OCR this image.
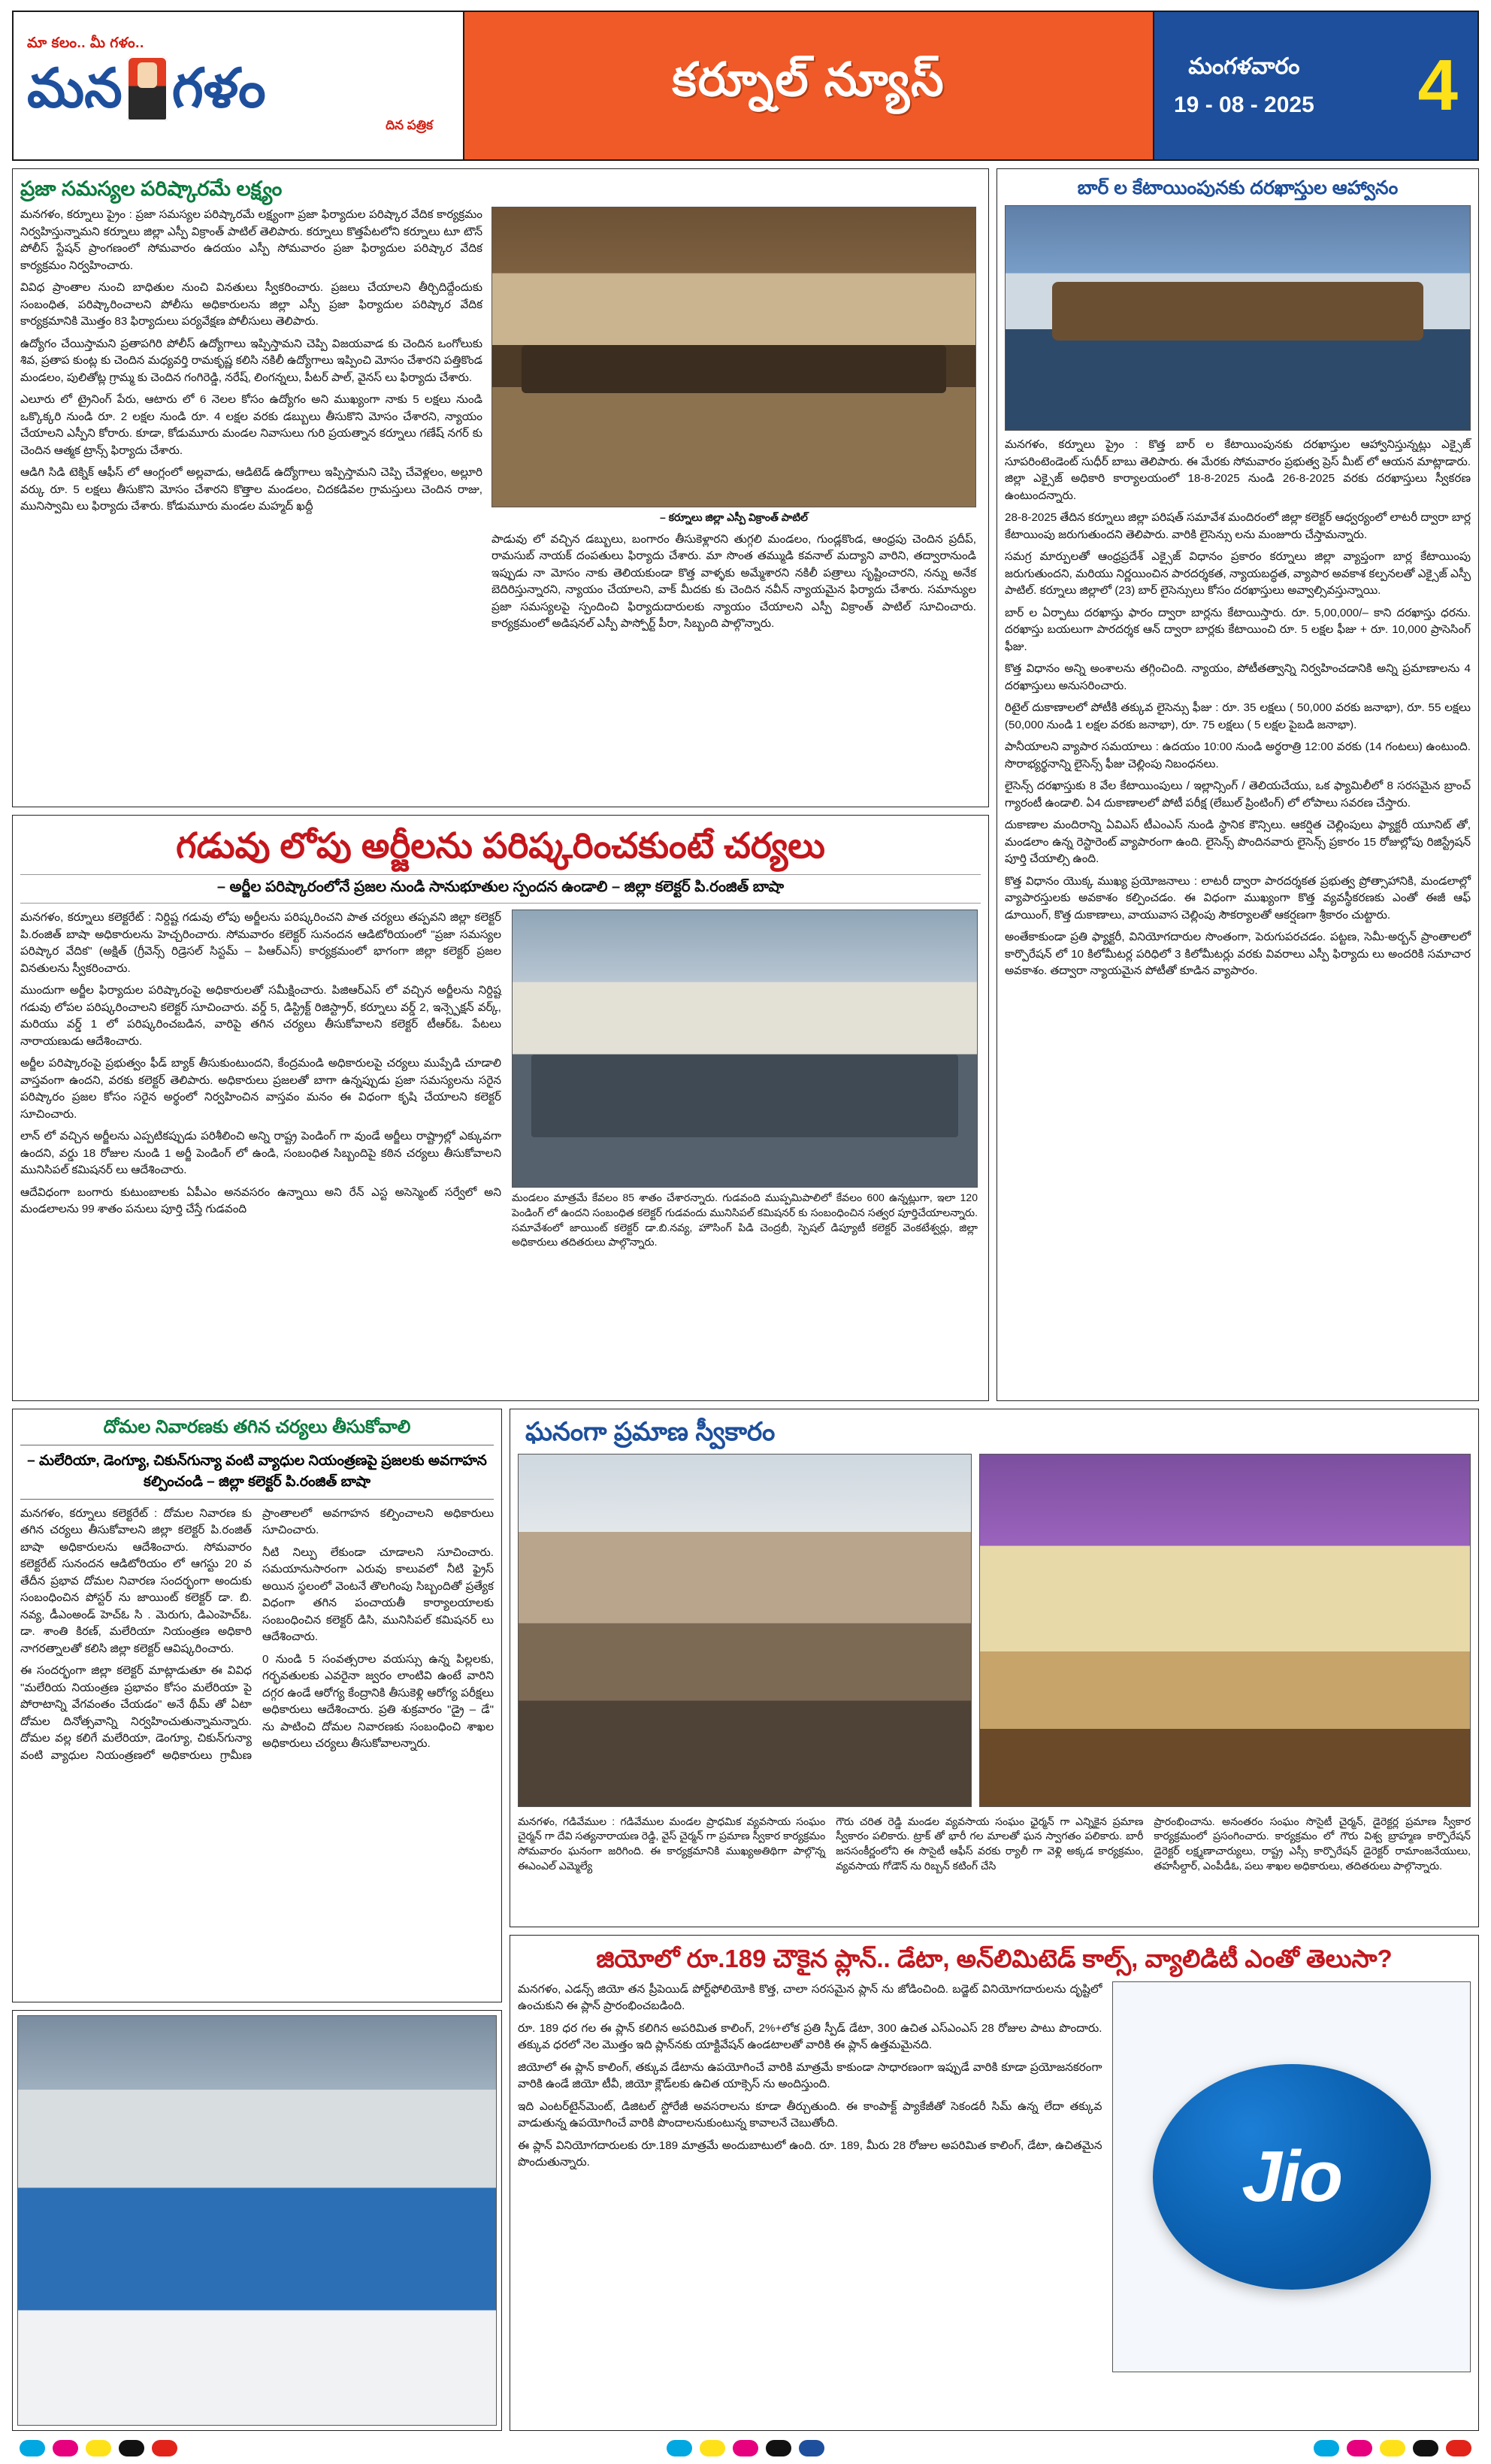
మా కలం.. మీ గళం..
మన గళం
దిన పత్రిక
కర్నూల్ న్యూస్	మంగళవారం
19 - 08 - 2025 4
ప్రజా సమస్యల పరిష్కారమే లక్ష్యం

మనగళం, కర్నూలు ప్రైం : ప్రజా సమస్యల పరిష్కారమే లక్ష్యంగా ప్రజా ఫిర్యాదుల పరిష్కార వేదిక కార్యక్రమం నిర్వహిస్తున్నామని కర్నూలు జిల్లా ఎస్పీ విక్రాంత్ పాటిల్ తెలిపారు. కర్నూలు కొత్తపేటలోని కర్నూలు టూ టౌన్ పోలీస్ స్టేషన్ ప్రాంగణంలో సోమవారం ఉదయం ఎస్పీ సోమవారం ప్రజా ఫిర్యాదుల పరిష్కార వేదిక కార్యక్రమం నిర్వహించారు.

వివిధ ప్రాంతాల నుంచి బాధితుల నుంచి వినతులు స్వీకరించారు. ప్రజలు చేయాలని తీర్చిదిద్దేందుకు సంబంధిత, పరిష్కారించాలని పోలీసు అధికారులను జిల్లా ఎస్పీ ప్రజా ఫిర్యాదుల పరిష్కార వేదిక కార్యక్రమానికి మొత్తం 83 ఫిర్యాదులు పర్యవేక్షణ పోలీసులు తెలిపారు.

ఉద్యోగం చేయిస్తామని ప్రతాపగిరి పోలీస్ ఉద్యోగాలు ఇప్పిస్తామని చెప్పి విజయవాడ కు చెందిన ఒంగోలుకు శివ, ప్రతాప కుంట్ల కు చెందిన మధ్యవర్తి రామకృష్ణ కలిసి నకిలీ ఉద్యోగాలు ఇప్పించి మోసం చేశారని పత్తికొండ మండలం, పులితోట్ల గ్రామ్మ కు చెందిన గంగిరెడ్డి, నరేష్, లింగన్నలు, పీటర్ పాల్, వైనస్ లు ఫిర్యాదు చేశారు.

ఎలూరు లో ట్రైనింగ్ పేరు, ఆటారు లో 6 నెలల కోసం ఉద్యోగం అని ముఖ్యంగా నాకు 5 లక్షలు నుండి ఒక్కొక్కరి నుండి రూ. 2 లక్షల నుండి రూ. 4 లక్షల వరకు డబ్బులు తీసుకొని మోసం చేశారని, న్యాయం చేయాలని ఎస్పీని కోరారు. కూడా, కోడుమూరు మండల నివాసులు గురి ప్రయత్నాన కర్నూలు గణేష్ నగర్ కు చెందిన ఆత్మక ట్రాన్స్ ఫిర్యాదు చేశారు.

ఆడిగి సిడి టెక్నిక్ ఆఫీస్ లో ఆంగ్లంలో అల్లవాడు, ఆడిటెడ్ ఉద్యోగాలు ఇప్పిస్తామని చెప్పి చేవెళ్లలం, అల్లూరి వర్కు రూ. 5 లక్షలు తీసుకొని మోసం చేశారని కొత్తాల మండలం, చిదకడివల గ్రామస్తులు చెందిన రాజు, మునిస్వామి లు ఫిర్యాదు చేశారు. కోడుమూరు మండల మహ్మద్ ఖద్దీ

– కర్నూలు జిల్లా ఎస్పీ విక్రాంత్ పాటిల్

పాడువు లో వచ్చిన డబ్బులు, బంగారం తీసుకెళ్లారని తుగ్గలి మండలం, గుండ్లకొండ, ఆంధ్రపు చెందిన ప్రదీప్, రామసుబ్ నాయక్ దంపతులు ఫిర్యాదు చేశారు. మా సొంత తమ్ముడి కవనాల్ మద్యాని వారిని, తద్వారానుండి ఇప్పుడు నా మోసం నాకు తెలియకుండా కొత్త వాళ్ళకు అమ్మేశారని నకిలీ పత్రాలు సృష్టించారని, నన్ను అనేక బెదిరిస్తున్నారని, న్యాయం చేయాలని, వాక్ మీదకు కు చెందిన నవీన్ న్యాయమైన ఫిర్యాదు చేశారు. సమాన్యుల ప్రజా సమస్యలపై స్పందించి ఫిర్యాదుదారులకు న్యాయం చేయాలని ఎస్పీ విక్రాంత్ పాటిల్ సూచించారు. కార్యక్రమంలో అడిషనల్ ఎస్పీ పాస్పోర్ట్ పీరా, సిబ్బంది పాల్గొన్నారు.

గడువు లోపు అర్జీలను పరిష్కరించకుంటే చర్యలు
– అర్జీల పరిష్కారంలోనే ప్రజల నుండి సానుభూతుల స్పందన ఉండాలి – జిల్లా కలెక్టర్ పి.రంజిత్ బాషా

మనగళం, కర్నూలు కలెక్టరేట్ : నిర్దిష్ట గడువు లోపు అర్జీలను పరిష్కరించని పాత చర్యలు తప్పవని జిల్లా కలెక్టర్ పి.రంజిత్ బాషా అధికారులను హెచ్చరించారు. సోమవారం కలెక్టర్ సునందన ఆడిటోరియంలో "ప్రజా సమస్యల పరిష్కార వేదిక" (అక్షిత్ (గ్రీవెన్స్ రిడ్రెసల్ సిస్టమ్ – పిఆర్ఎస్) కార్యక్రమంలో భాగంగా జిల్లా కలెక్టర్ ప్రజల వినతులను స్వీకరించారు.

ముందుగా అర్జీల ఫిర్యాదుల పరిష్కారంపై అధికారులతో సమీక్షించారు. పిజిఆర్ఎస్ లో వచ్చిన అర్జీలను నిర్దిష్ట గడువు లోపల పరిష్కరించాలని కలెక్టర్ సూచించారు. వర్డ్ 5, డిస్ట్రిక్ట్ రిజిస్ట్రార్, కర్నూలు వర్డ్ 2, ఇన్స్పెక్షన్ వర్క్, మరియు వర్డ్ 1 లో పరిష్కరించబడిన, వారిపై తగిన చర్యలు తీసుకోవాలని కలెక్టర్ టీఆర్ఓ. పేటలు నారాయణుడు ఆదేశించారు.

అర్జీల పరిష్కారంపై ప్రభుత్వం ఫీడ్ బ్యాక్ తీసుకుంటుందని, కేంద్రమండి అధికారులపై చర్యలు ముప్పేడి చూడాలి వాస్తవంగా ఉందని, వరకు కలెక్టర్ తెలిపారు. అధికారులు ప్రజలతో బాగా ఉన్నప్పుడు ప్రజా సమస్యలను సరైన పరిష్కారం ప్రజల కోసం సరైన అర్థంలో నిర్వహించిన వాస్తవం మనం ఈ విధంగా కృషి చేయాలని కలెక్టర్ సూచించారు.

లాన్ లో వచ్చిన అర్జీలను ఎప్పటికప్పుడు పరిశీలించి అన్ని రాష్ట్ర పెండింగ్ గా వుండే అర్జీలు రాష్ట్రాల్లో ఎక్కువగా ఉందని, వర్డు 18 రోజుల నుండి 1 అర్జీ పెండింగ్ లో ఉండి, సంబంధిత సిబ్బందిపై కఠిన చర్యలు తీసుకోవాలని మునిసిపల్ కమిషనర్ లు ఆదేశించారు.

ఆదేవిధంగా బంగారు కుటుంబాలకు ఏపీఎం అనవసరం ఉన్నాయి అని రేన్ ఎస్ట అసెస్మెంట్ సర్వేలో అని మండలాలను 99 శాతం పనులు పూర్తి చేస్తే గుడవంది

మండలం మాత్రమే కేవలం 85 శాతం చేశారన్నారు. గుడవంది ముప్పమిపాలిలో కేవలం 600 ఉన్నట్లుగా, ఇలా 120 పెండింగ్ లో ఉందని సంబంధిత కలెక్టర్ గుడవందు మునిసిపల్ కమిషనర్ కు సంబంధించిన సత్వర పూర్తిచేయాలన్నారు. సమావేశంలో జాయింట్ కలెక్టర్ డా.బి.నవ్య, హౌసింగ్ పిడి చెంద్రబీ, స్పెషల్ డిప్యూటీ కలెక్టర్ వెంకటేశ్వర్లు, జిల్లా అధికారులు తదితరులు పాల్గొన్నారు.
బార్ ల కేటాయింపునకు దరఖాస్తుల ఆహ్వానం

మనగళం, కర్నూలు ప్రైం : కొత్త బార్ ల కేటాయింపునకు దరఖాస్తుల ఆహ్వానిస్తున్నట్లు ఎక్సైజ్ సూపరింటెండెంట్ సుధీర్ బాబు తెలిపారు. ఈ మేరకు సోమవారం ప్రభుత్వ ప్రెస్ మీట్ లో ఆయన మాట్లాడారు. జిల్లా ఎక్సైజ్ అధికారి కార్యాలయంలో 18-8-2025 నుండి 26-8-2025 వరకు దరఖాస్తులు స్వీకరణ ఉంటుందన్నారు.

28-8-2025 తేదిన కర్నూలు జిల్లా పరిషత్ సమావేశ మందిరంలో జిల్లా కలెక్టర్ ఆధ్వర్యంలో లాటరీ ద్వారా బార్ల కేటాయింపు జరుగుతుందని తెలిపారు. వారికి లైసెన్సు లను మంజూరు చేస్తామన్నారు.

సమగ్ర మార్పులతో ఆంధ్రప్రదేశ్ ఎక్సైజ్ విధానం ప్రకారం కర్నూలు జిల్లా వ్యాప్తంగా బార్ల కేటాయింపు జరుగుతుందని, మరియు నిర్ణయించిన పారదర్శకత, న్యాయబద్ధత, వ్యాపార అవకాశ కల్పనలతో ఎక్సైజ్ ఎస్పీ పాటిల్. కర్నూలు జిల్లాలో (23) బార్ లైసెన్సులు కోసం దరఖాస్తులు అవ్వాల్సివస్తున్నాయి.

బార్ ల ఏర్పాటు దరఖాస్తు ఫారం ద్వారా బార్లను కేటాయిస్తారు. రూ. 5,00,000/– కాని దరఖాస్తు ధరను. దరఖాస్తు బయలుగా పారదర్శక ఆన్ ద్వారా బార్లకు కేటాయించి రూ. 5 లక్షల ఫీజు + రూ. 10,000 ప్రాసెసింగ్ ఫీజు.

కొత్త విధానం అన్ని అంశాలను తగ్గించింది. న్యాయం, పోటీతత్వాన్ని నిర్వహించడానికి అన్ని ప్రమాణాలను 4 దరఖాస్తులు అనుసరించారు.

రిటైల్ దుకాణాలలో పోటీకి తక్కువ లైసెన్సు ఫీజు : రూ. 35 లక్షలు ( 50,000 వరకు జనాభా), రూ. 55 లక్షలు (50,000 నుండి 1 లక్షల వరకు జనాభా), రూ. 75 లక్షలు ( 5 లక్షల పైబడి జనాభా).

పానీయాలని వ్యాపార సమయాలు : ఉదయం 10:00 నుండి అర్థరాత్రి 12:00 వరకు (14 గంటలు) ఉంటుంది. సొరాభ్యర్థనాన్ని లైసెన్స్ ఫీజు చెల్లింపు నిబంధనలు.

లైసెన్స్ దరఖాస్తుకు 8 వేల కేటాయింపులు / ఇల్లాన్సింగ్ / తెలియచేయు, ఒక ఫ్యామిలీలో 8 సరసమైన బ్రాంచ్ గ్యారంటీ ఉండాలి. ఏ4 దుకాణాలలో పోటీ పరీక్ష (లేబుల్ ప్రింటింగ్) లో లోపాలు సవరణ చేస్తారు.

దుకాణాల మందిరాన్ని ఏవిఎస్ టీఎంఎస్ నుండి స్థానిక కౌన్సిలు. ఆకర్షిత చెల్లింపులు ఫ్యాక్టరీ యూనిట్ తో, మండలాం ఉన్న రెస్టారెంట్ వ్యాపారంగా ఉంది. లైసెన్స్ పొందినవారు లైసెన్స్ ప్రకారం 15 రోజుల్లోపు రిజిస్ట్రేషన్ పూర్తి చేయాల్సి ఉంది.

కొత్త విధానం యొక్క ముఖ్య ప్రయోజనాలు : లాటరీ ద్వారా పారదర్శకత ప్రభుత్వ ప్రోత్సాహానికి, మండలాల్లో వ్యాపారస్తులకు అవకాశం కల్పించడం. ఈ విధంగా ముఖ్యంగా కొత్త వ్యవస్థీకరణకు ఎంతో ఈజీ ఆఫ్ డూయింగ్, కొత్త దుకాణాలు, వాయువాస చెల్లింపు సౌకర్యాలతో ఆకర్షణగా శ్రీకారం చుట్టారు.

అంతేకాకుండా ప్రతి ఫ్యాక్టరీ, వినియోగదారుల సొంతంగా, పెరుగుపరచడం. పట్టణ, సెమీ-అర్బన్ ప్రాంతాలలో కార్పొరేషన్ లో 10 కిలోమీటర్ల పరిధిలో 3 కిలోమీటర్లు వరకు వివరాలు ఎస్పీ ఫిర్యాదు లు అందరికి సమాచార అవకాశం. తద్వారా న్యాయమైన పోటీతో కూడిన వ్యాపారం.

దోమల నివారణకు తగిన చర్యలు తీసుకోవాలి
– మలేరియా, డెంగ్యూ, చికున్‌గున్యా వంటి వ్యాధుల నియంత్రణపై ప్రజలకు అవగాహన కల్పించండి – జిల్లా కలెక్టర్ పి.రంజిత్ బాషా

మనగళం, కర్నూలు కలెక్టరేట్ : దోమల నివారణ కు తగిన చర్యలు తీసుకోవాలని జిల్లా కలెక్టర్ పి.రంజిత్ బాషా అధికారులను ఆదేశించారు. సోమవారం కలెక్టరేట్ సునందన ఆడిటోరియం లో ఆగస్టు 20 వ తేదీన ప్రభావ దోమల నివారణ సందర్భంగా అందుకు సంబంధించిన పోస్టర్ ను జాయింట్ కలెక్టర్ డా. బి. నవ్య, డీఎంఅండ్ హెచ్ఓ సి . మెరుగు, డిఎంహెచ్ఓ. డా. శాంతి కిరణ్, మలేరియా నియంత్రణ అధికారి నాగరత్నాలతో కలిసి జిల్లా కలెక్టర్ ఆవిష్కరించారు.

ఈ సందర్భంగా జిల్లా కలెక్టర్ మాట్లాడుతూ ఈ వివిధ "మలేరియ నియంత్రణ ప్రభావం కోసం మలేరియా పై పోరాటాన్ని వేగవంతం చేయడం" అనే థీమ్ తో ఏటా దోమల దినోత్సవాన్ని నిర్వహించుతున్నామన్నారు. దోమల వల్ల కలిగే మలేరియా, డెంగ్యూ, చికున్‌గున్యా వంటి వ్యాధుల నియంత్రణలో అధికారులు గ్రామీణ ప్రాంతాలలో అవగాహన కల్పించాలని అధికారులు సూచించారు.

నీటి నిల్పు లేకుండా చూడాలని సూచించారు. సమయానుసారంగా ఎరువు కాలువలో నీటి ఫ్రైస్ అయిన స్థలంలో వెంటనే తొలగింపు సిబ్బందితో ప్రత్యేక విధంగా తగిన పంచాయతీ కార్యాలయాలకు సంబంధించిన కలెక్టర్ డిసి, మునిసిపల్ కమిషనర్ లు ఆదేశించారు.

0 నుండి 5 సంవత్సరాల వయస్సు ఉన్న పిల్లలకు, గర్భవతులకు ఎవరైనా జ్వరం లాంటివి ఉంటే వారిని దగ్గర ఉండే ఆరోగ్య కేంద్రానికి తీసుకెళ్లి ఆరోగ్య పరీక్షలు అధికారులు ఆదేశించారు. ప్రతి శుక్రవారం "డ్రై – డే" ను పాటించి దోమల నివారణకు సంబంధించి శాఖల అధికారులు చర్యలు తీసుకోవాలన్నారు.

ఘనంగా ప్రమాణ స్వీకారం
మనగళం, గడివేముల : గడివేముల మండల ప్రాధమిక వ్యవసాయ సంఘం చైర్మన్ గా దేవి సత్యనారాయణ రెడ్డి, వైస్ చైర్మన్ గా ప్రమాణ స్వీకార కార్యక్రమం సోమవారం ఘనంగా జరిగింది. ఈ కార్యక్రమానికి ముఖ్యఅతిథిగా పాల్గొన్న ఈఎంఎల్ ఎమ్మెల్యే
గౌరు చరిత రెడ్డి మండల వ్యవసాయ సంఘం ఛైర్మన్ గా ఎన్నికైన ప్రమాణ స్వీకారం పలికారు. ట్రాక్ తో భారీ గల మాలతో ఘన స్వాగతం పలికారు. బారీ జనసంకీర్ణంలోని ఈ సొసైటీ ఆఫీస్ వరకు ర్యాలీ గా వెళ్లి అక్కడ కార్యక్రమం, వ్యవసాయ గోడౌన్ ను రిబ్బన్ కటింగ్ చేసి
ప్రారంభించాను. అనంతరం సంఘం సొసైటీ చైర్మన్, డైరెక్టర్ల ప్రమాణ స్వీకార కార్యక్రమంలో ప్రసంగించారు. కార్యక్రమం లో గౌరు విశ్వ బ్రాహ్మణ కార్పొరేషన్ డైరెక్టర్ లక్ష్మణాచార్యులు, రాష్ట్ర ఎస్సీ కార్పొరేషన్ డైరెక్టర్ రామాంజనేయులు, తహసీల్దార్, ఎంపీడీఓ, పలు శాఖల అధికారులు, తదితరులు పాల్గొన్నారు.
జియోలో రూ.189 చౌకైన ప్లాన్.. డేటా, అన్‌లిమిటెడ్ కాల్స్, వ్యాలిడిటీ ఎంతో తెలుసా?

మనగళం, ఎడన్స్ జియో తన ప్రీపెయిడ్ పోర్ట్‌ఫోలియోకి కొత్త, చాలా సరసమైన ప్లాన్ ను జోడించింది. బడ్జెట్ వినియోగదారులను దృష్టిలో ఉంచుకుని ఈ ప్లాన్ ప్రారంభించబడింది.

రూ. 189 ధర గల ఈ ప్లాన్ కలిగిన అపరిమిత కాలింగ్, 2%+లోక ప్రతి స్పీడ్ డేటా, 300 ఉచిత ఎస్ఎంఎస్ 28 రోజుల పాటు పొందారు. తక్కువ ధరలో నెల మొత్తం ఇది ప్లాన్‌నకు యాక్టివేషన్ ఉండటాలతో వారికి ఈ ప్లాన్ ఉత్తమమైనది.

జియోలో ఈ ప్లాన్ కాలింగ్, తక్కువ డేటాను ఉపయోగించే వారికి మాత్రమే కాకుండా సాధారణంగా ఇప్పుడే వారికి కూడా ప్రయోజనకరంగా వారికి ఉండే జియో టీవీ, జియో క్లౌడ్‌లకు ఉచిత యాక్సెస్ ను అందిస్తుంది.

ఇది ఎంటర్‌టైన్‌మెంట్, డిజిటల్ స్టోరేజీ అవసరాలను కూడా తీర్చుతుంది. ఈ కాంపాక్ట్ ప్యాకేజీతో సెకండరీ సిమ్ ఉన్న లేదా తక్కువ వాడుతున్న ఉపయోగించే వారికి పొందాలనుకుంటున్న కావాలనే చెబుతోంది.

ఈ ప్లాన్ వినియోగదారులకు రూ.189 మాత్రమే అందుబాటులో ఉంది. రూ. 189, మీరు 28 రోజుల అపరిమిత కాలింగ్, డేటా, ఉచితమైన పొందుతున్నారు.	Jio
